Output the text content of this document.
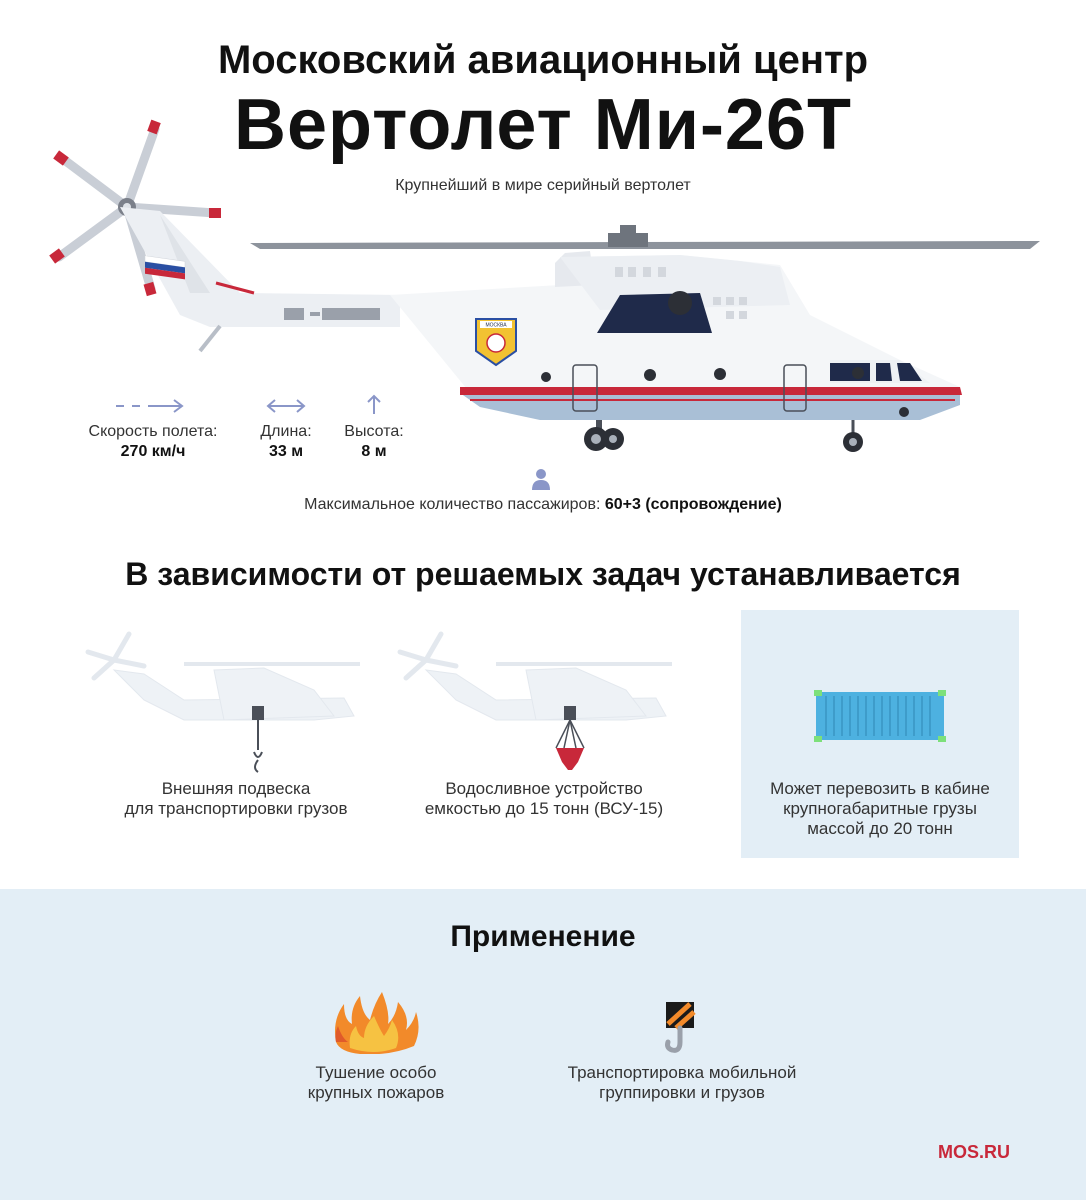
Московский авиационный центр
Вертолет Ми-26Т
Крупнейший в мире серийный вертолет
МОСКВА
Скорость полета:
270 км/ч
Длина:
33 м
Высота:
8 м
Максимальное количество пассажиров: 60+3 (сопровождение)
В зависимости от решаемых задач устанавливается
Внешняя подвеска
для транспортировки грузов
Водосливное устройство
емкостью до 15 тонн (ВСУ-15)
Может перевозить в кабине
крупногабаритные грузы
массой до 20 тонн
Применение
Тушение особо
крупных пожаров
Транспортировка мобильной
группировки и грузов
MOS.RU
